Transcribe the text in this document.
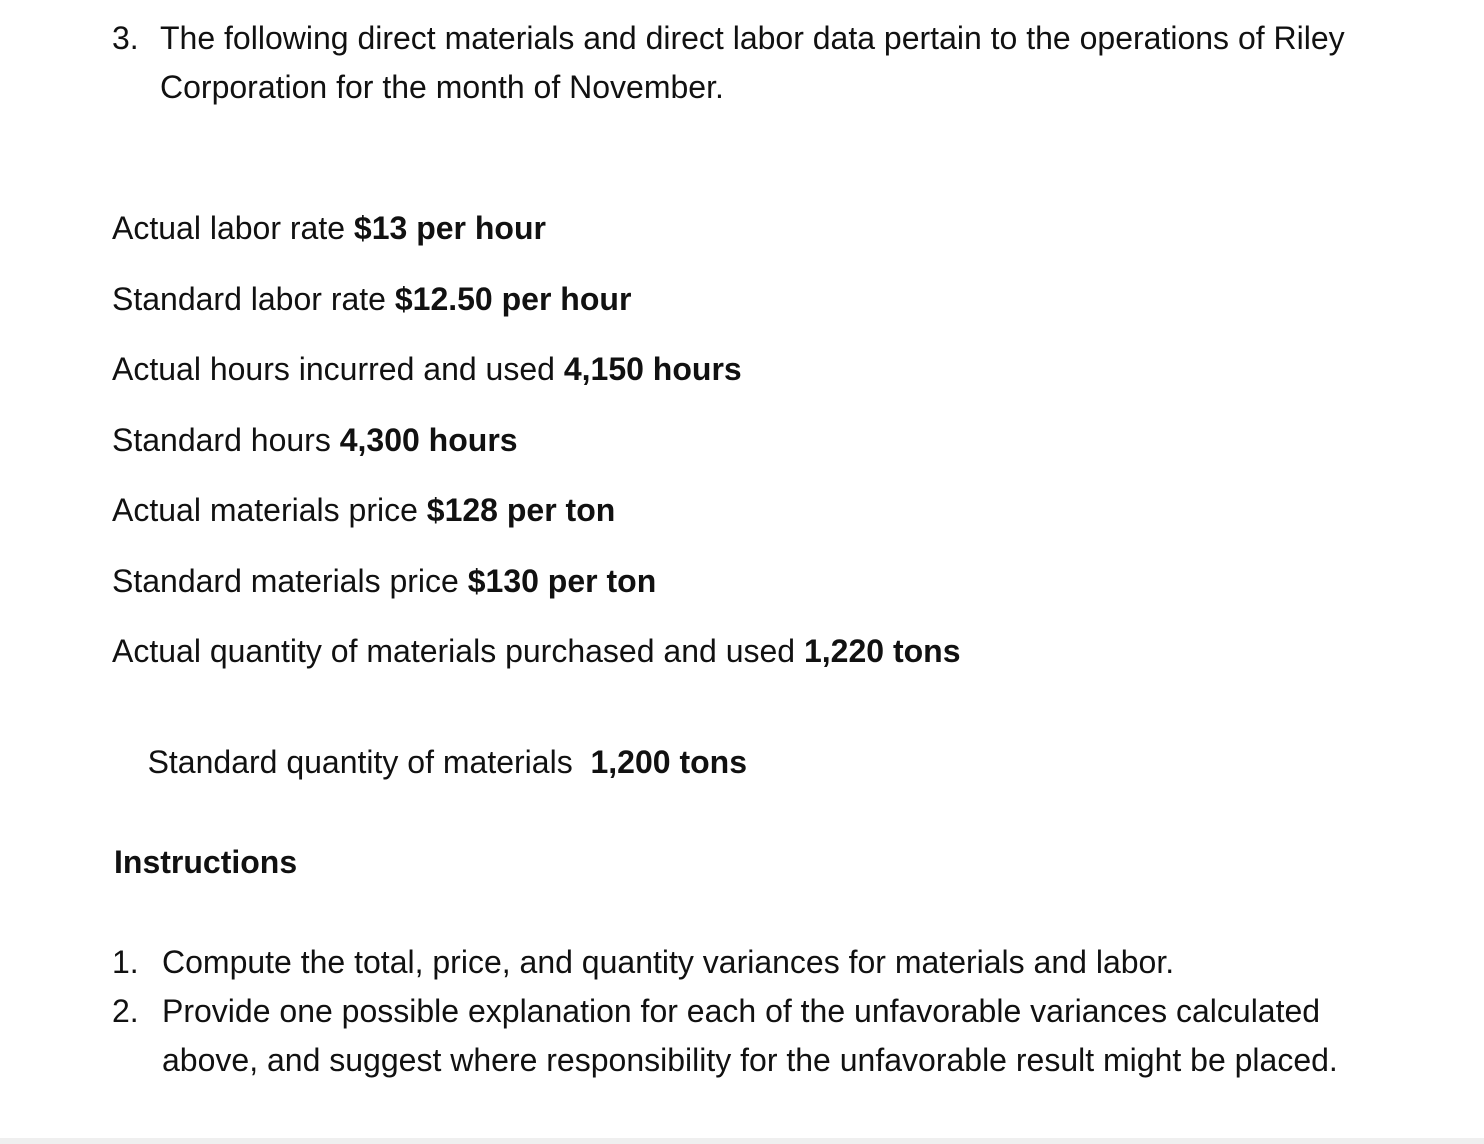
3. The following direct materials and direct labor data pertain to the operations of Riley Corporation for the month of November.
Actual labor rate $13 per hour
Standard labor rate $12.50 per hour
Actual hours incurred and used 4,150 hours
Standard hours 4,300 hours
Actual materials price $128 per ton
Standard materials price $130 per ton
Actual quantity of materials purchased and used 1,220 tons

Standard quantity of materials  1,200 tons

Instructions
1. Compute the total, price, and quantity variances for materials and labor.
2. Provide one possible explanation for each of the unfavorable variances calculated above, and suggest where responsibility for the unfavorable result might be placed.
